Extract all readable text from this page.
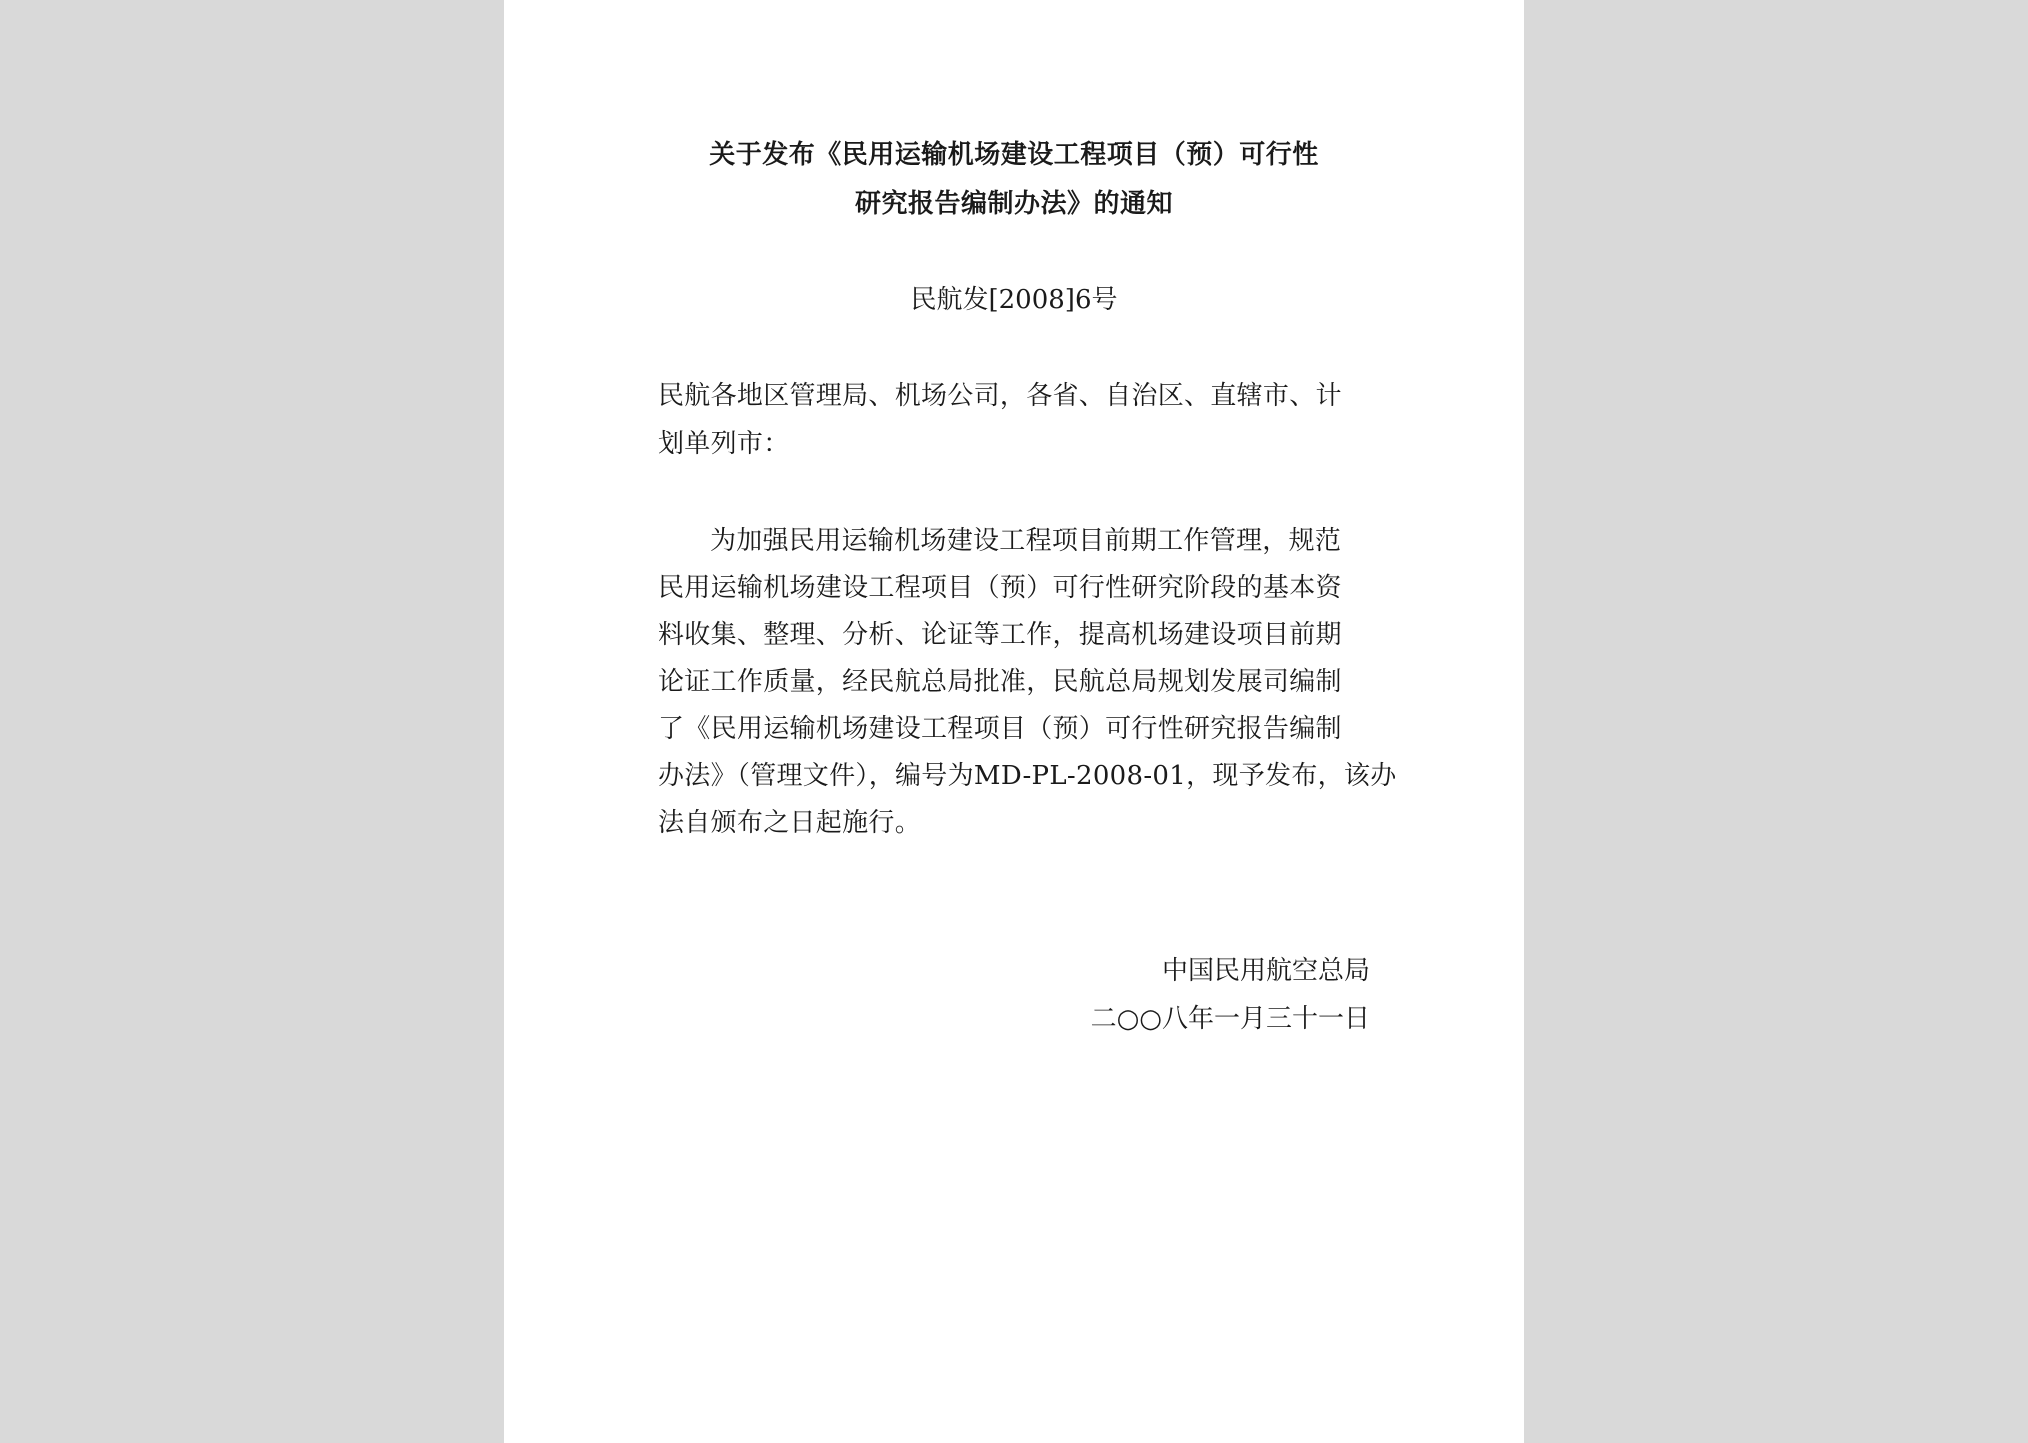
关于发布《民用运输机场建设工程项目（预）可行性
研究报告编制办法》的通知
民航发[2008]6号
民航各地区管理局、机场公司，各省、自治区、直辖市、计
划单列市：
为加强民用运输机场建设工程项目前期工作管理，规范
民用运输机场建设工程项目（预）可行性研究阶段的基本资
料收集、整理、分析、论证等工作，提高机场建设项目前期
论证工作质量，经民航总局批准，民航总局规划发展司编制
了《民用运输机场建设工程项目（预）可行性研究报告编制
办法》（管理文件），编号为MD-PL-2008-01，现予发布，该办
法自颁布之日起施行。
中国民用航空总局
二○○八年一月三十一日
